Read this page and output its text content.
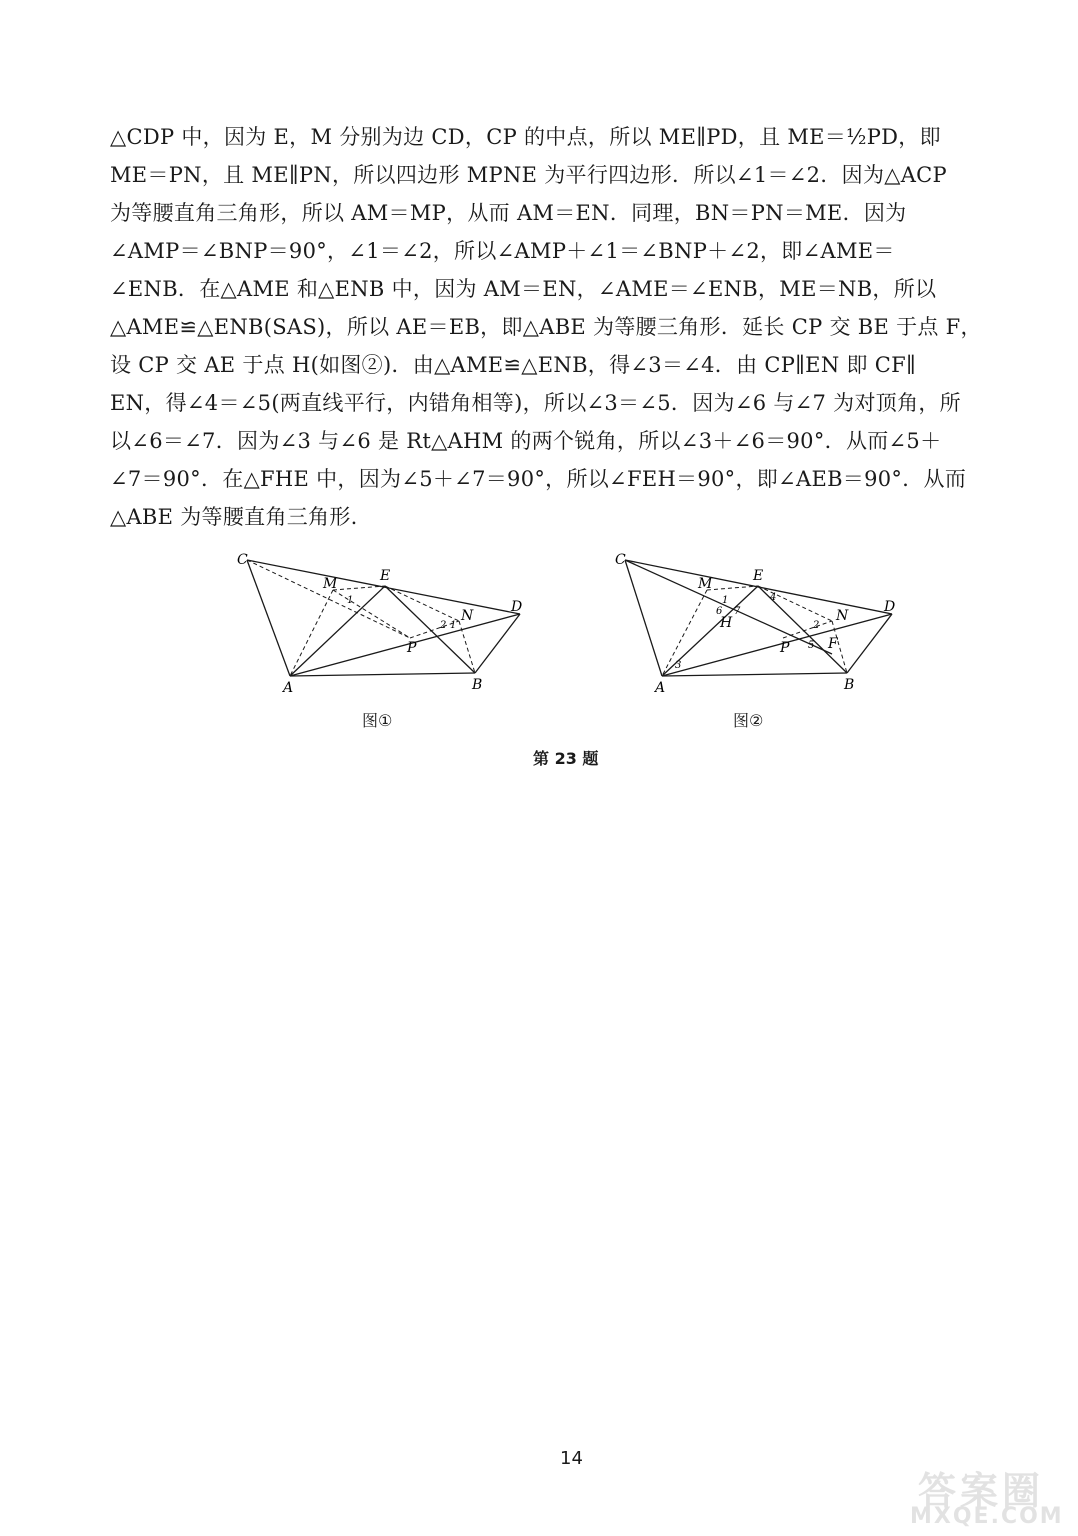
△CDP 中，因为 E，M 分别为边 CD，CP 的中点，所以 ME∥PD，且 ME＝½PD，即
ME＝PN，且 ME∥PN，所以四边形 MPNE 为平行四边形．所以∠1＝∠2．因为△ACP
为等腰直角三角形，所以 AM＝MP，从而 AM＝EN．同理，BN＝PN＝ME．因为
∠AMP＝∠BNP＝90°，∠1＝∠2，所以∠AMP＋∠1＝∠BNP＋∠2，即∠AME＝
∠ENB．在△AME 和△ENB 中，因为 AM＝EN，∠AME＝∠ENB，ME＝NB，所以
△AME≌△ENB(SAS)，所以 AE＝EB，即△ABE 为等腰三角形．延长 CP 交 BE 于点 F，
设 CP 交 AE 于点 H(如图②)．由△AME≌△ENB，得∠3＝∠4．由 CP∥EN 即 CF∥
EN，得∠4＝∠5(两直线平行，内错角相等)，所以∠3＝∠5．因为∠6 与∠7 为对顶角，所
以∠6＝∠7．因为∠3 与∠6 是 Rt△AHM 的两个锐角，所以∠3＋∠6＝90°．从而∠5＋
∠7＝90°．在△FHE 中，因为∠5＋∠7＝90°，所以∠FEH＝90°，即∠AEB＝90°．从而
△ABE 为等腰直角三角形.
C
E
M
D
N
P
A	B
1
2 1
C
E
M
D
N
P
A	B
H
F
1
2
3
4
5
6 7
图①	图②
第 23 题
14
答案圈
MXQE.COM
